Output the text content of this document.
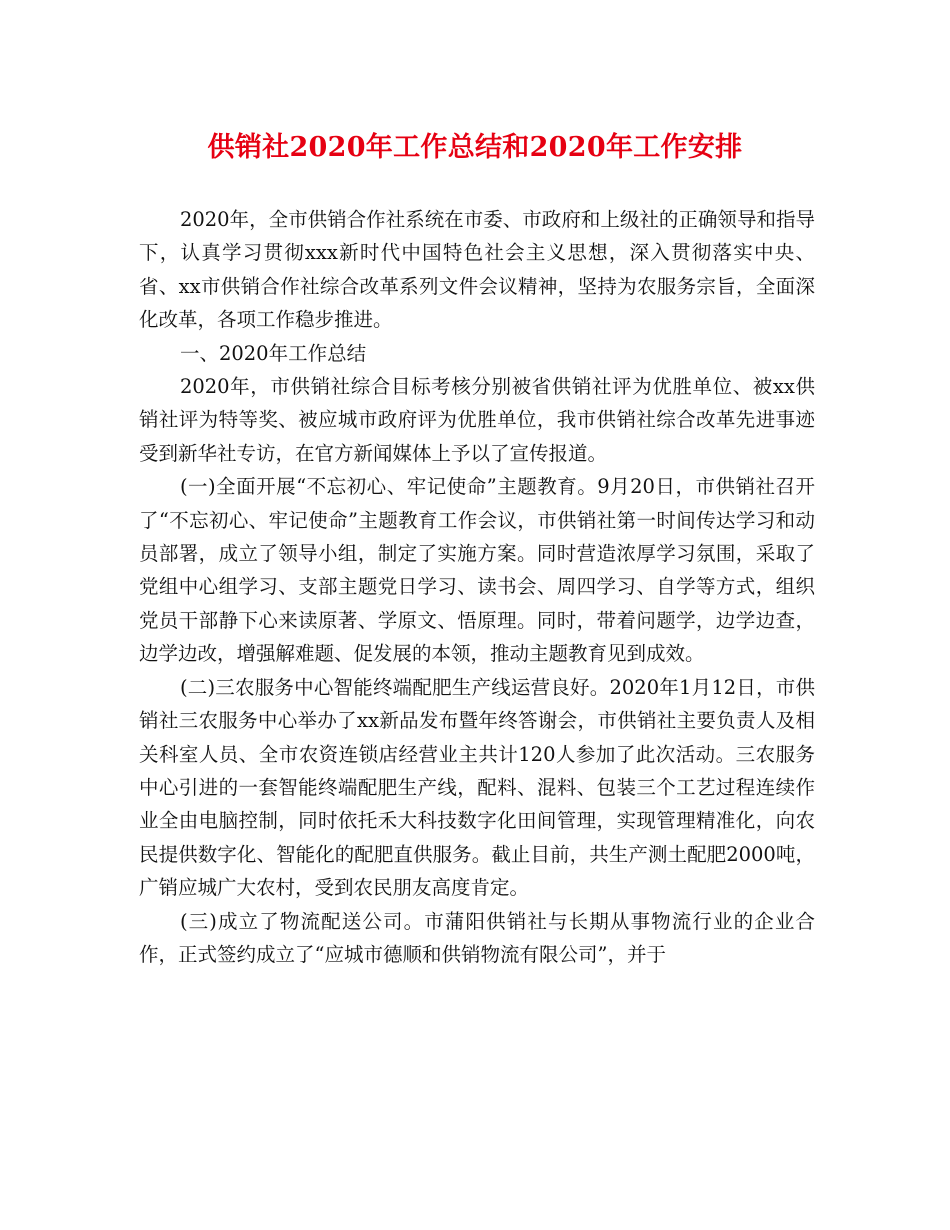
供销社2020年工作总结和2020年工作安排

2020年，全市供销合作社系统在市委、市政府和上级社的正确领导和指导下，认真学习贯彻xxx新时代中国特色社会主义思想，深入贯彻落实中央、省、xx市供销合作社综合改革系列文件会议精神，坚持为农服务宗旨，全面深化改革，各项工作稳步推进。

一、2020年工作总结

2020年，市供销社综合目标考核分别被省供销社评为优胜单位、被xx供销社评为特等奖、被应城市政府评为优胜单位，我市供销社综合改革先进事迹受到新华社专访，在官方新闻媒体上予以了宣传报道。

(一)全面开展“不忘初心、牢记使命”主题教育。9月20日，市供销社召开了“不忘初心、牢记使命”主题教育工作会议，市供销社第一时间传达学习和动员部署，成立了领导小组，制定了实施方案。同时营造浓厚学习氛围，采取了党组中心组学习、支部主题党日学习、读书会、周四学习、自学等方式，组织党员干部静下心来读原著、学原文、悟原理。同时，带着问题学，边学边查，边学边改，增强解难题、促发展的本领，推动主题教育见到成效。

(二)三农服务中心智能终端配肥生产线运营良好。2020年1月12日，市供销社三农服务中心举办了xx新品发布暨年终答谢会，市供销社主要负责人及相关科室人员、全市农资连锁店经营业主共计120人参加了此次活动。三农服务中心引进的一套智能终端配肥生产线，配料、混料、包装三个工艺过程连续作业全由电脑控制，同时依托禾大科技数字化田间管理，实现管理精准化，向农民提供数字化、智能化的配肥直供服务。截止目前，共生产测土配肥2000吨，广销应城广大农村，受到农民朋友高度肯定。

(三)成立了物流配送公司。市蒲阳供销社与长期从事物流行业的企业合作，正式签约成立了“应城市德顺和供销物流有限公司”，并于
